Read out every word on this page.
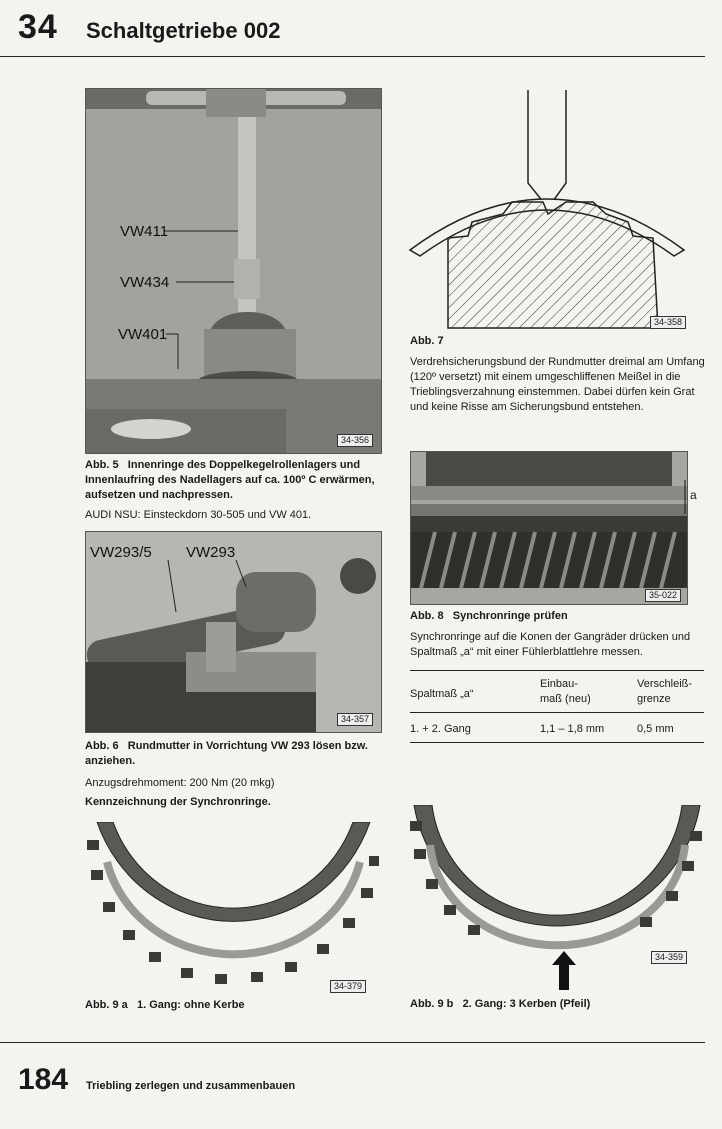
34 Schaltgetriebe 002
VW411
VW434
VW401
34-356
Abb. 5 Innenringe des Doppelkegelrollenlagers und Innenlaufring des Nadellagers auf ca. 100º C erwärmen, aufsetzen und nachpressen.
AUDI NSU: Einsteckdorn 30-505 und VW 401.
VW293/5 VW293
34-357
Abb. 6 Rundmutter in Vorrichtung VW 293 lösen bzw. anziehen.
Anzugsdrehmoment: 200 Nm (20 mkg)
Kennzeichnung der Synchronringe.
34-358
Abb. 7
Verdrehsicherungsbund der Rundmutter dreimal am Umfang (120º versetzt) mit einem umgeschliffenen Meißel in die Trieblingsverzahnung einstemmen. Dabei dürfen kein Grat und keine Risse am Sicherungsbund entstehen.
35-022
a
Abb. 8 Synchronringe prüfen
Synchronringe auf die Konen der Gangräder drücken und Spaltmaß „a“ mit einer Fühlerblattlehre messen.
Spaltmaß „a“
Einbau-
maß (neu)
Verschleiß-
grenze
1. + 2. Gang	1,1 – 1,8 mm	0,5 mm
34-379
Abb. 9 a 1. Gang: ohne Kerbe
34-359
Abb. 9 b 2. Gang: 3 Kerben (Pfeil)
184 Triebling zerlegen und zusammenbauen
